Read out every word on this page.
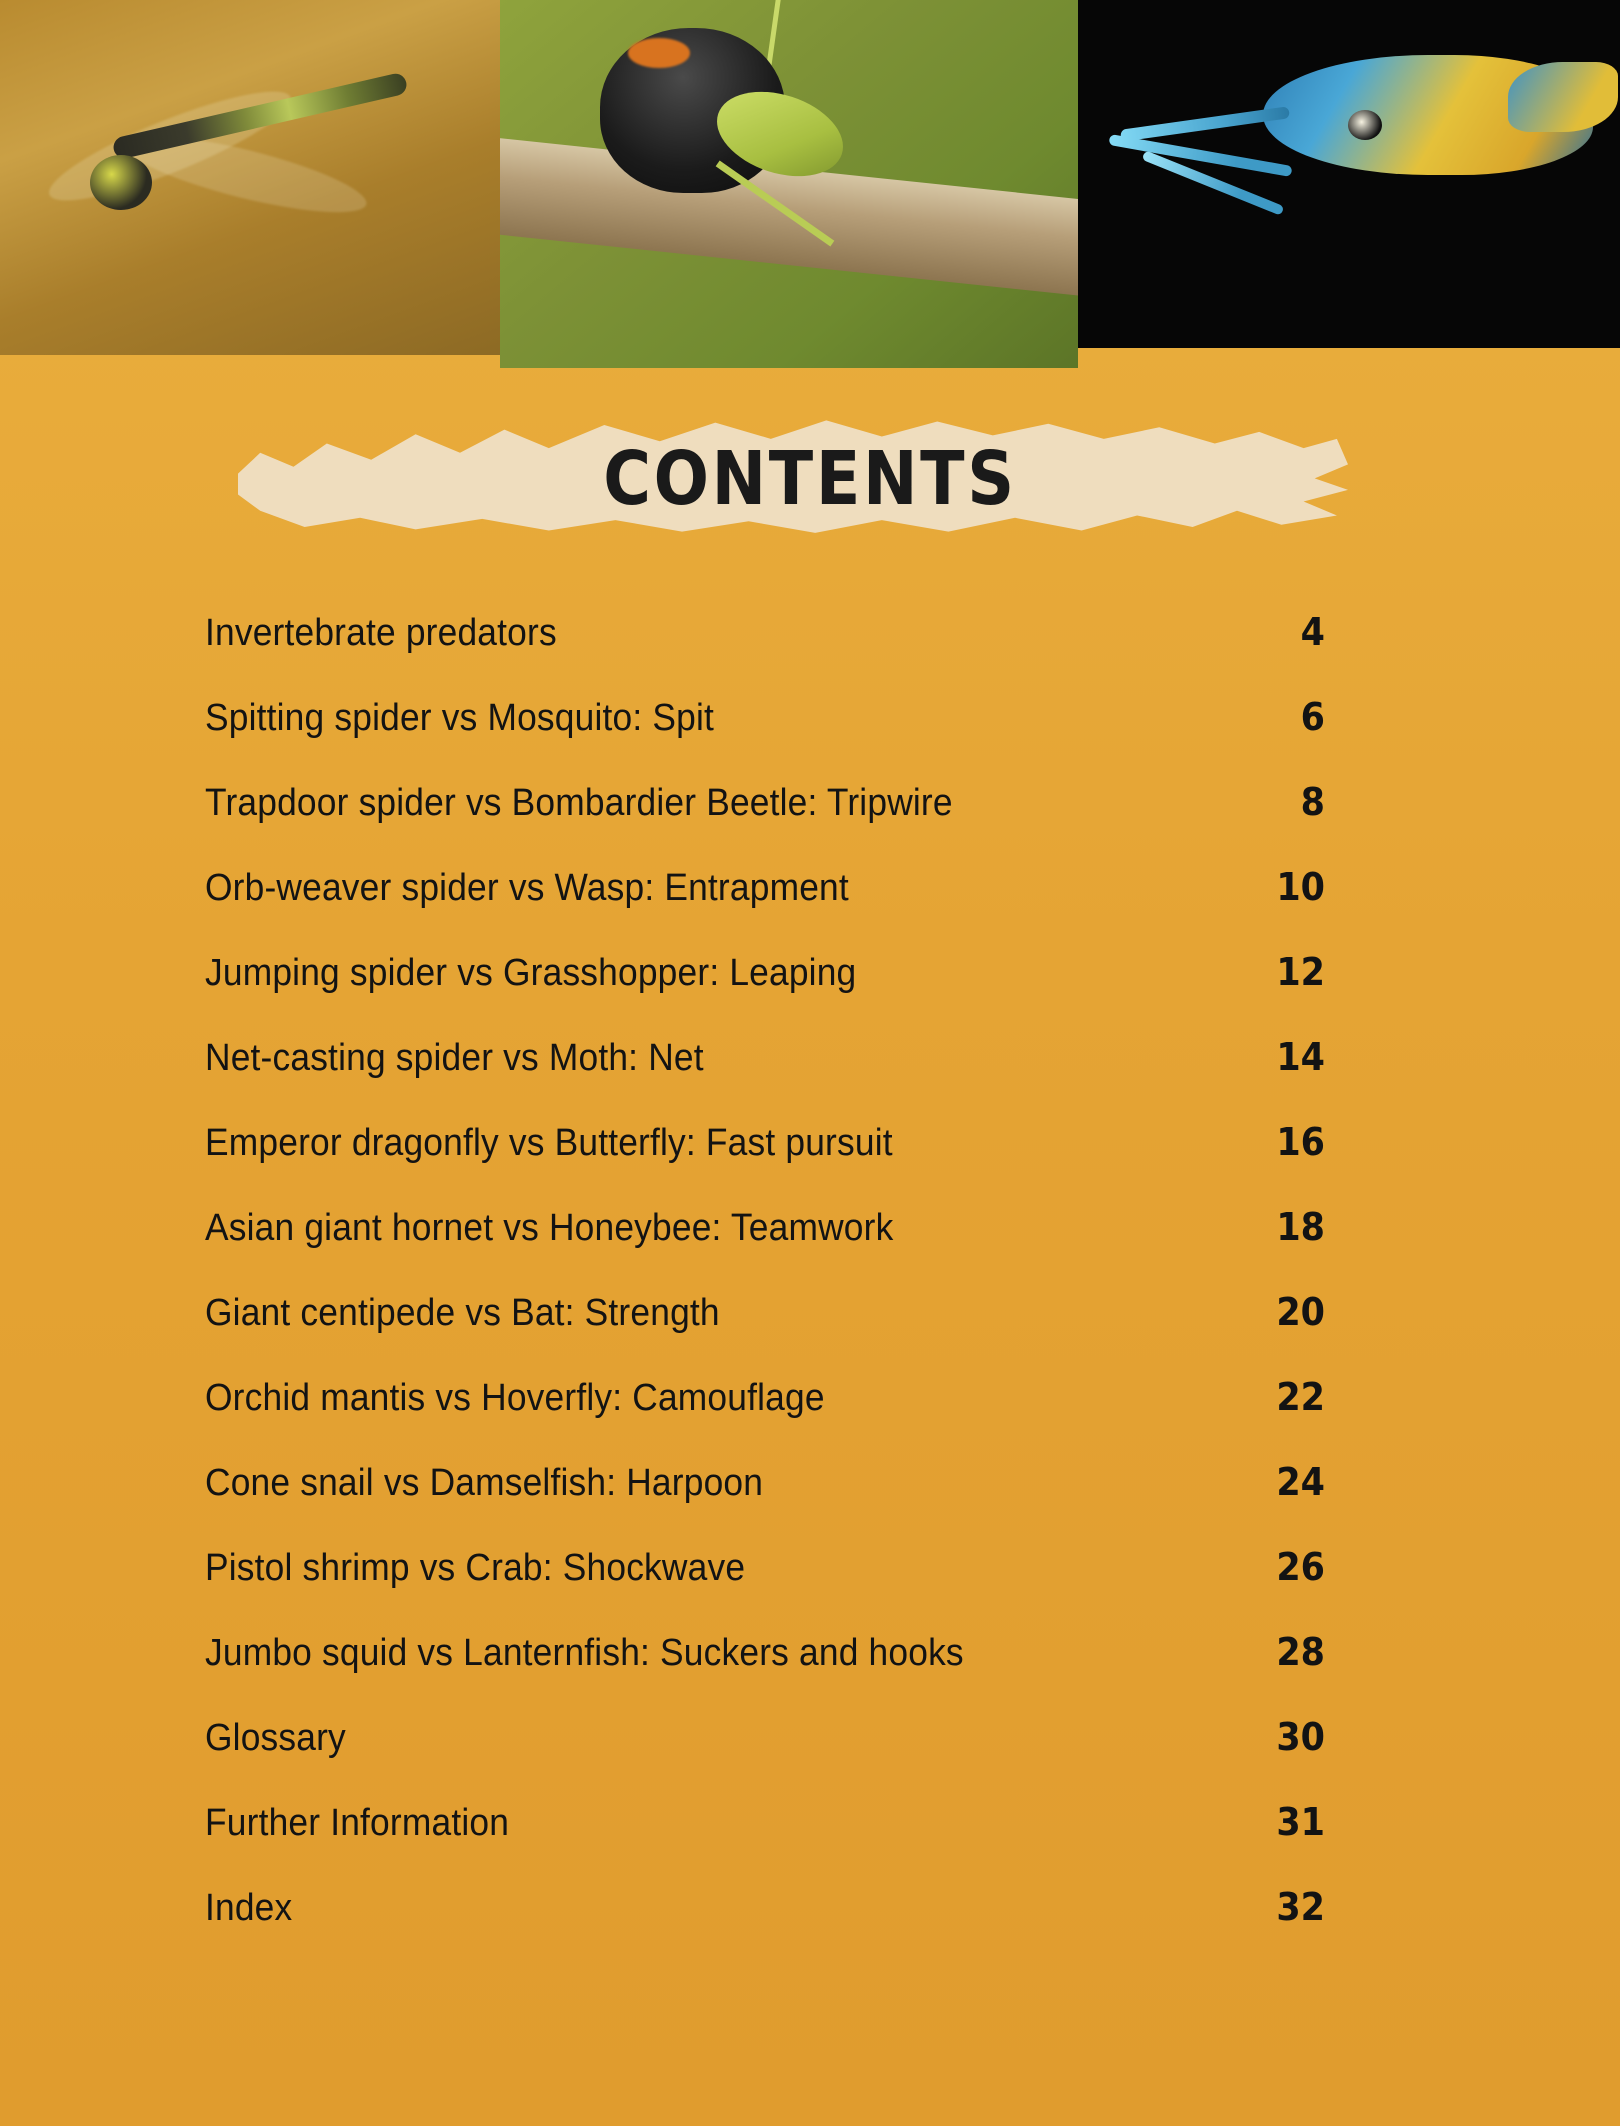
CONTENTS
Invertebrate predators	4
Spitting spider vs Mosquito: Spit	6
Trapdoor spider vs Bombardier Beetle: Tripwire	8
Orb-weaver spider vs Wasp: Entrapment	10
Jumping spider vs Grasshopper: Leaping	12
Net-casting spider vs Moth: Net	14
Emperor dragonfly vs Butterfly: Fast pursuit	16
Asian giant hornet vs Honeybee: Teamwork	18
Giant centipede vs Bat: Strength	20
Orchid mantis vs Hoverfly: Camouflage	22
Cone snail vs Damselfish: Harpoon	24
Pistol shrimp vs Crab: Shockwave	26
Jumbo squid vs Lanternfish: Suckers and hooks	28
Glossary	30
Further Information	31
Index	32
